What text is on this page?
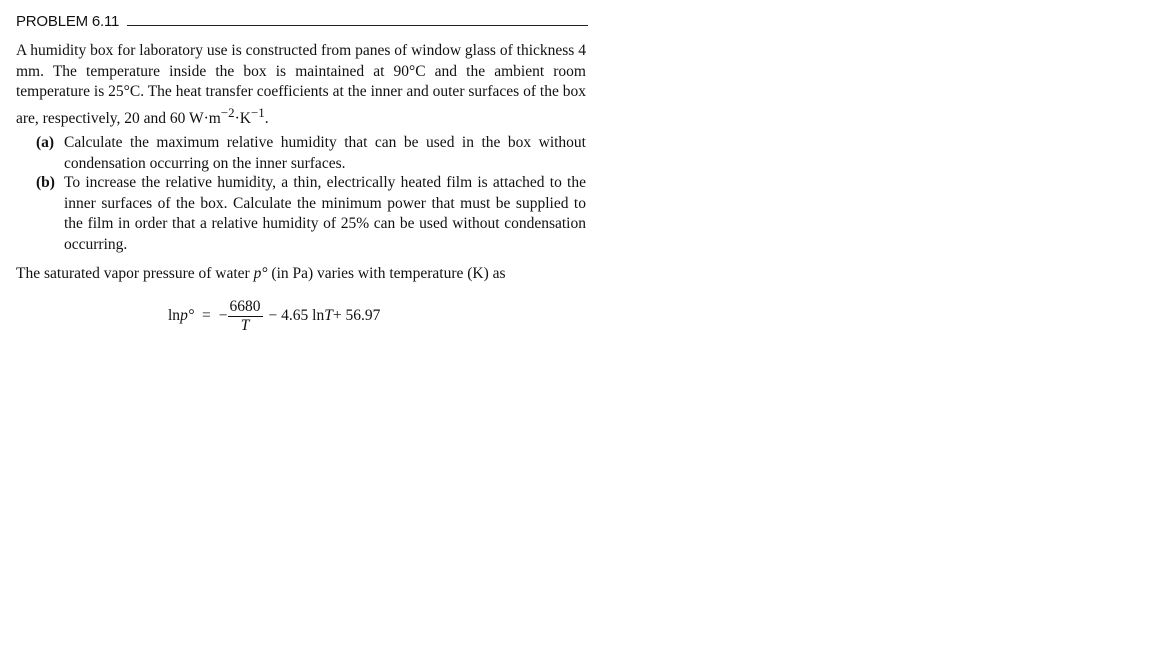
PROBLEM 6.11

A humidity box for laboratory use is constructed from panes of window glass of thickness 4 mm. The temperature inside the box is maintained at 90°C and the ambient room temperature is 25°C. The heat transfer coefficients at the inner and outer surfaces of the box are, respectively, 20 and 60 $W\cdot m^{-2}\cdot K^{-1}$.

(a) Calculate the maximum relative humidity that can be used in the box without condensation occurring on the inner surfaces.

(b) To increase the relative humidity, a thin, electrically heated film is attached to the inner surfaces of the box. Calculate the minimum power that must be supplied to the film in order that a relative humidity of 25% can be used without condensation occurring.

The saturated vapor pressure of water p° (in Pa) varies with temperature (K) as

ln p° = − $\frac{6680}{T} - 4.65$ ln T + 56.97
